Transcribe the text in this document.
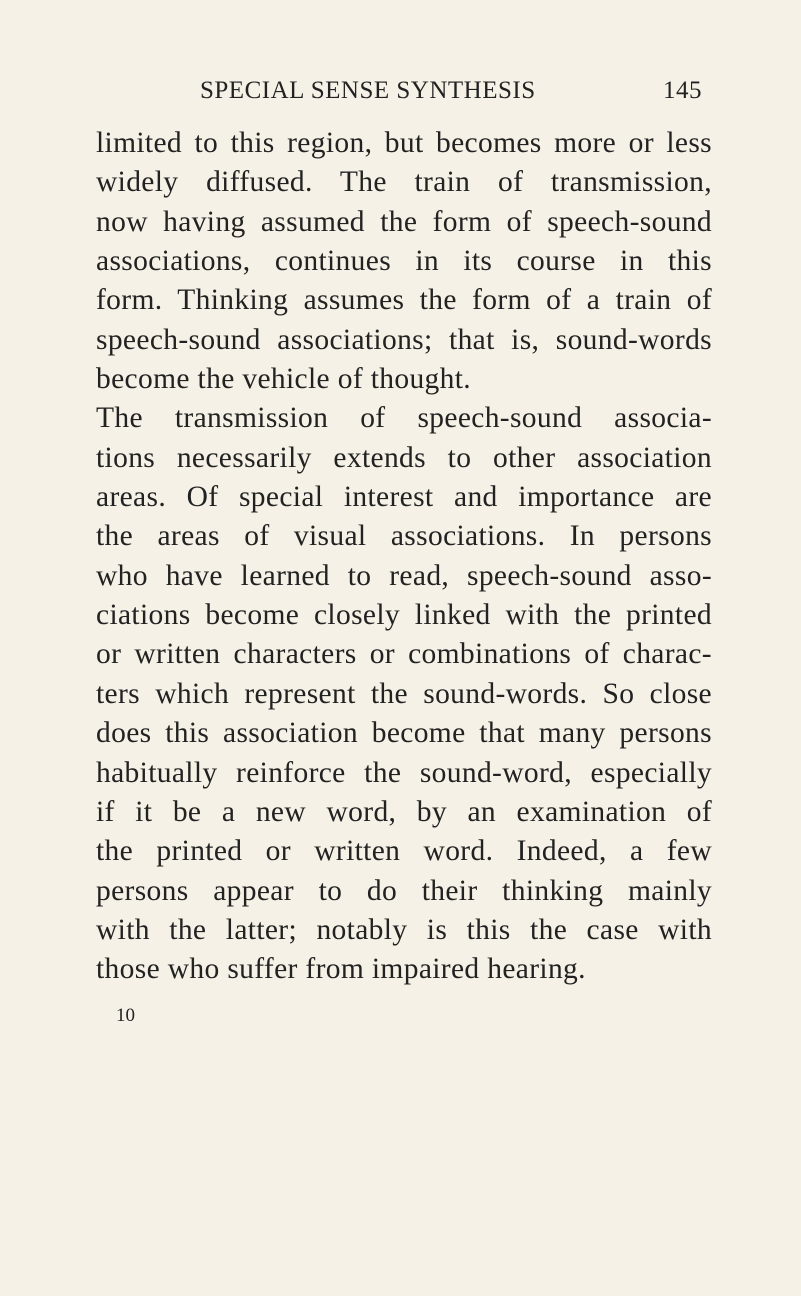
SPECIAL SENSE SYNTHESIS	145
limited to this region, but becomes more or less
widely diffused. The train of transmission,
now having assumed the form of speech-sound
associations, continues in its course in this
form. Thinking assumes the form of a train of
speech-sound associations; that is, sound-words
become the vehicle of thought.
The transmission of speech-sound associa-
tions necessarily extends to other association
areas. Of special interest and importance are
the areas of visual associations. In persons
who have learned to read, speech-sound asso-
ciations become closely linked with the printed
or written characters or combinations of charac-
ters which represent the sound-words. So close
does this association become that many persons
habitually reinforce the sound-word, especially
if it be a new word, by an examination of
the printed or written word. Indeed, a few
persons appear to do their thinking mainly
with the latter; notably is this the case with
those who suffer from impaired hearing.
10
